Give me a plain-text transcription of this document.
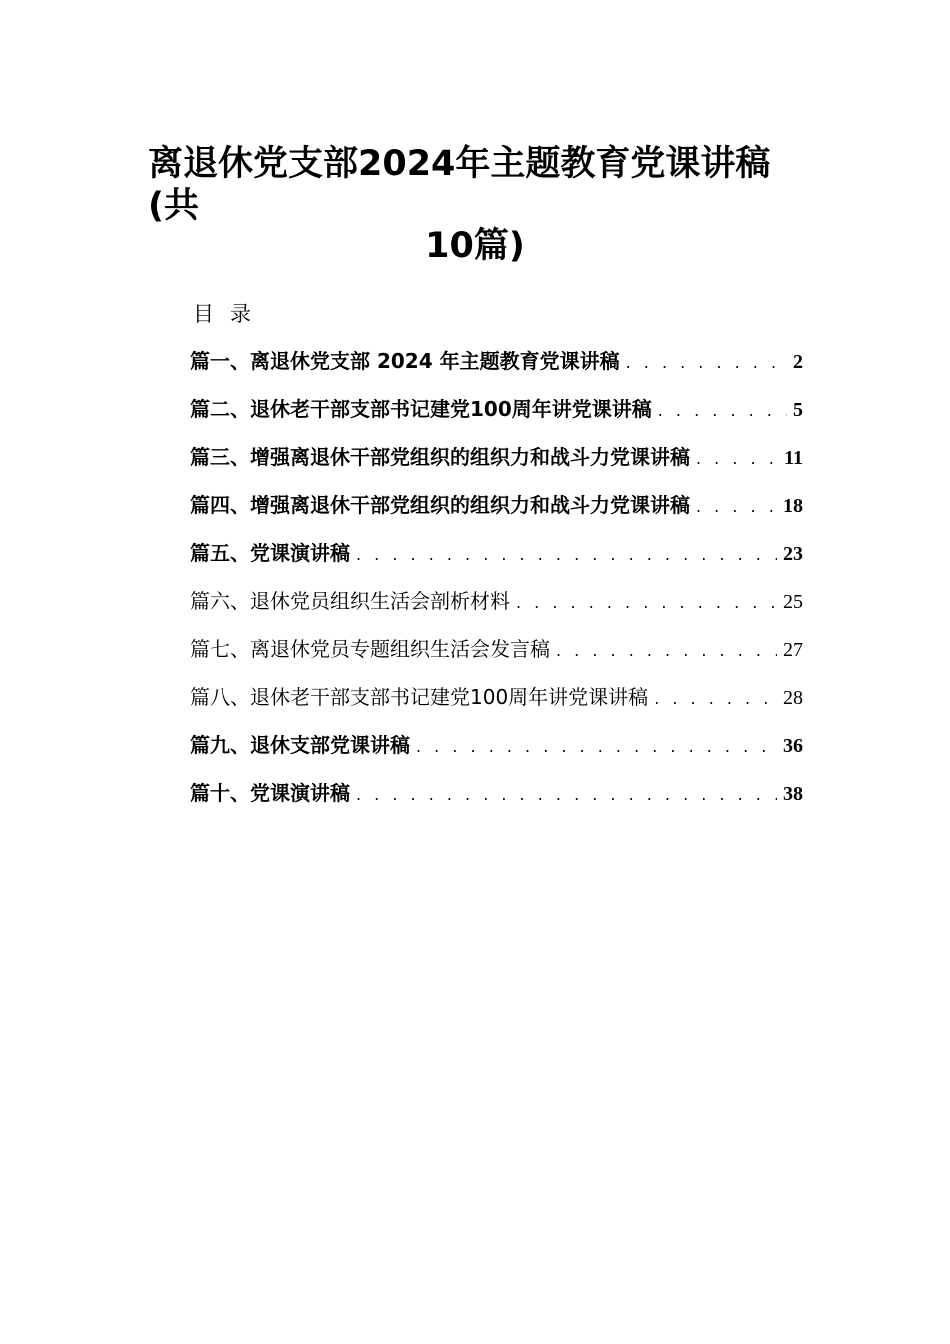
离退休党支部2024年主题教育党课讲稿
(共
10篇)
目录
篇一、离退休党支部 2024 年主题教育党课讲稿 . . .	2
篇二、退休老干部支部书记建党100周年讲党课讲稿 . . .	5
篇三、增强离退休干部党组织的组织力和战斗力党课讲稿 . . .	11
篇四、增强离退休干部党组织的组织力和战斗力党课讲稿 . . .	18
篇五、党课演讲稿 . . .	23
篇六、退休党员组织生活会剖析材料 . . .	25
篇七、离退休党员专题组织生活会发言稿 . . .	27
篇八、退休老干部支部书记建党100周年讲党课讲稿 . . .	28
篇九、退休支部党课讲稿 . . .	36
篇十、党课演讲稿 . . .	38
